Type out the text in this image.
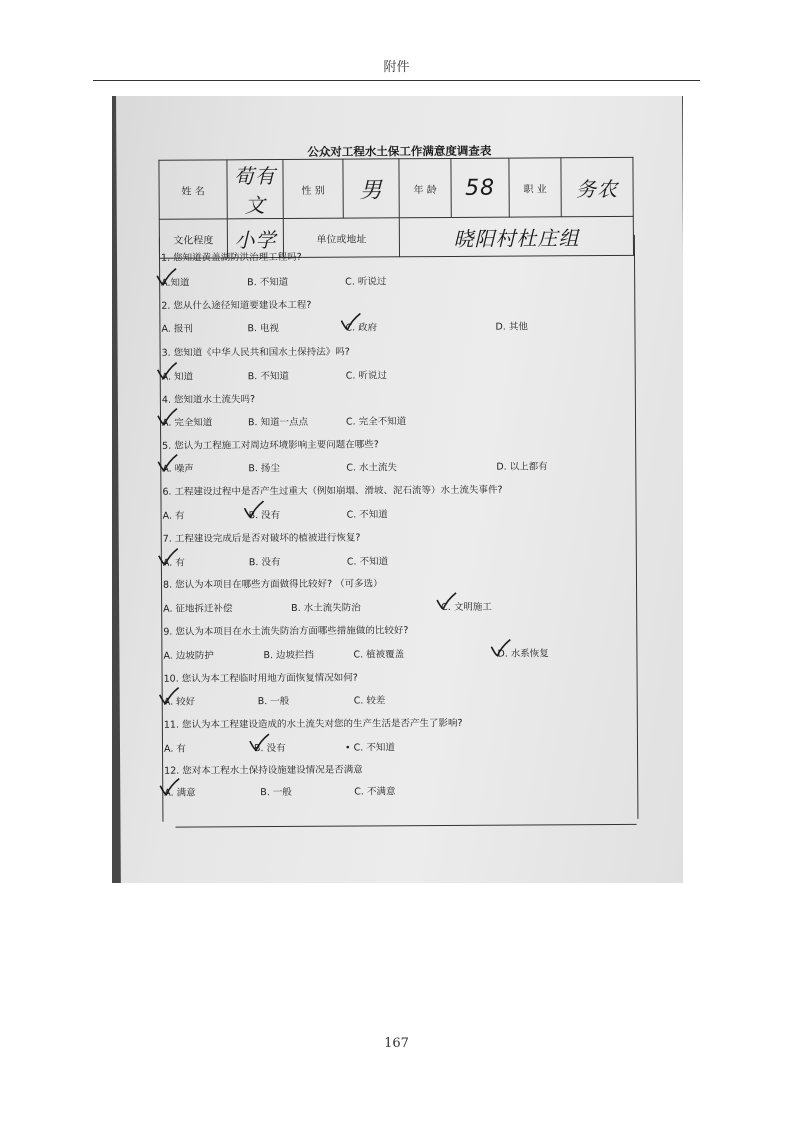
附件
公众对工程水土保工作满意度调查表
姓 名	荀有文	性 别	男	年 龄	58	职 业	务农
文化程度	小学	单位或地址		晓阳村杜庄组			
1. 您知道黄盖湖防洪治理工程吗?
A.知道	B. 不知道	C. 听说过
2. 您从什么途径知道要建设本工程?
A. 报刊	B. 电视	C. 政府	D. 其他
3. 您知道《中华人民共和国水土保持法》吗?
A. 知道	B. 不知道	C. 听说过
4. 您知道水土流失吗?
A. 完全知道	B. 知道一点点	C. 完全不知道
5. 您认为工程施工对周边环境影响主要问题在哪些?
A. 噪声	B. 扬尘	C. 水土流失	D. 以上都有
6. 工程建设过程中是否产生过重大（例如崩塌、滑坡、泥石流等）水土流失事件?
A. 有	B. 没有	C. 不知道
7. 工程建设完成后是否对破坏的植被进行恢复?
A. 有	B. 没有	C. 不知道
8. 您认为本项目在哪些方面做得比较好? （可多选）
A. 征地拆迁补偿	B. 水土流失防治	C. 文明施工
9. 您认为本项目在水土流失防治方面哪些措施做的比较好?
A. 边坡防护	B. 边坡拦挡	C. 植被覆盖	D. 水系恢复
10. 您认为本工程临时用地方面恢复情况如何?
A. 较好	B. 一般	C. 较差
11. 您认为本工程建设造成的水土流失对您的生产生活是否产生了影响?
A. 有	B. 没有	• C. 不知道
12. 您对本工程水土保持设施建设情况是否满意
A. 满意	B. 一般	C. 不满意
167
